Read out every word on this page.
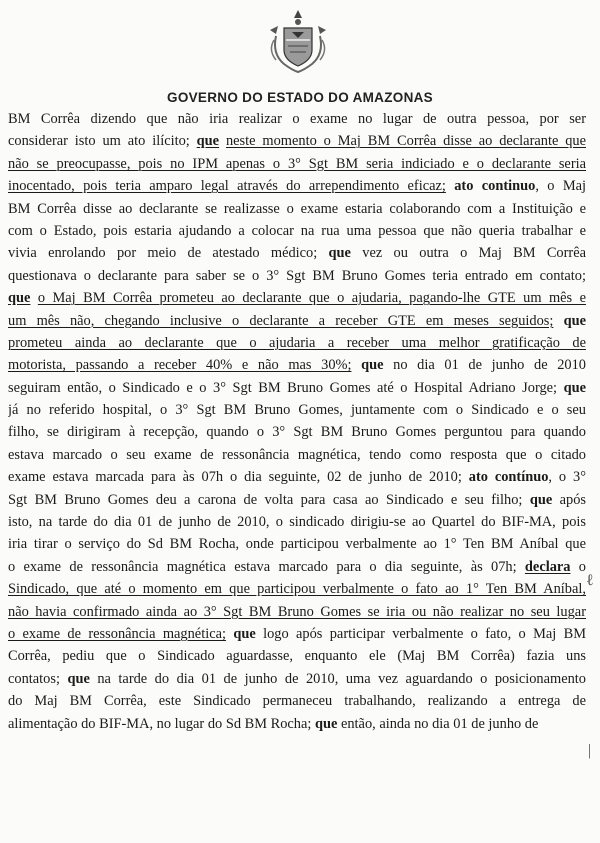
GOVERNO DO ESTADO DO AMAZONAS
BM Corrêa dizendo que não iria realizar o exame no lugar de outra pessoa, por ser
considerar isto um ato ilícito; que neste momento o Maj BM Corrêa disse ao declarante que
não se preocupasse, pois no IPM apenas o 3° Sgt BM seria indiciado e o declarante seria
inocentado, pois teria amparo legal através do arrependimento eficaz; ato continuo, o Maj
BM Corrêa disse ao declarante se realizasse o exame estaria colaborando com a Instituição e
com o Estado, pois estaria ajudando a colocar na rua uma pessoa que não queria trabalhar e
vivia enrolando por meio de atestado médico; que vez ou outra o Maj BM Corrêa
questionava o declarante para saber se o 3° Sgt BM Bruno Gomes teria entrado em contato;
que o Maj BM Corrêa prometeu ao declarante que o ajudaria, pagando-lhe GTE um mês e
um mês não, chegando inclusive o declarante a receber GTE em meses seguidos; que
prometeu ainda ao declarante que o ajudaria a receber uma melhor gratificação de
motorista, passando a receber 40% e não mas 30%; que no dia 01 de junho de 2010
seguiram então, o Sindicado e o 3° Sgt BM Bruno Gomes até o Hospital Adriano Jorge; que
já no referido hospital, o 3° Sgt BM Bruno Gomes, juntamente com o Sindicado e o seu
filho, se dirigiram à recepção, quando o 3° Sgt BM Bruno Gomes perguntou para quando
estava marcado o seu exame de ressonância magnética, tendo como resposta que o citado
exame estava marcada para às 07h o dia seguinte, 02 de junho de 2010; ato contínuo, o 3°
Sgt BM Bruno Gomes deu a carona de volta para casa ao Sindicado e seu filho; que após
isto, na tarde do dia 01 de junho de 2010, o sindicado dirigiu-se ao Quartel do BIF-MA, pois
iria tirar o serviço do Sd BM Rocha, onde participou verbalmente ao 1° Ten BM Aníbal que
o exame de ressonância magnética estava marcado para o dia seguinte, às 07h; declara o
Sindicado, que até o momento em que participou verbalmente o fato ao 1° Ten BM Aníbal,
não havia confirmado ainda ao 3° Sgt BM Bruno Gomes se iria ou não realizar no seu lugar
o exame de ressonância magnética; que logo após participar verbalmente o fato, o Maj BM
Corrêa, pediu que o Sindicado aguardasse, enquanto ele (Maj BM Corrêa) fazia uns
contatos; que na tarde do dia 01 de junho de 2010, uma vez aguardando o posicionamento
do Maj BM Corrêa, este Sindicado permaneceu trabalhando, realizando a entrega de
alimentação do BIF-MA, no lugar do Sd BM Rocha; que então, ainda no dia 01 de junho de
ℓ
|
